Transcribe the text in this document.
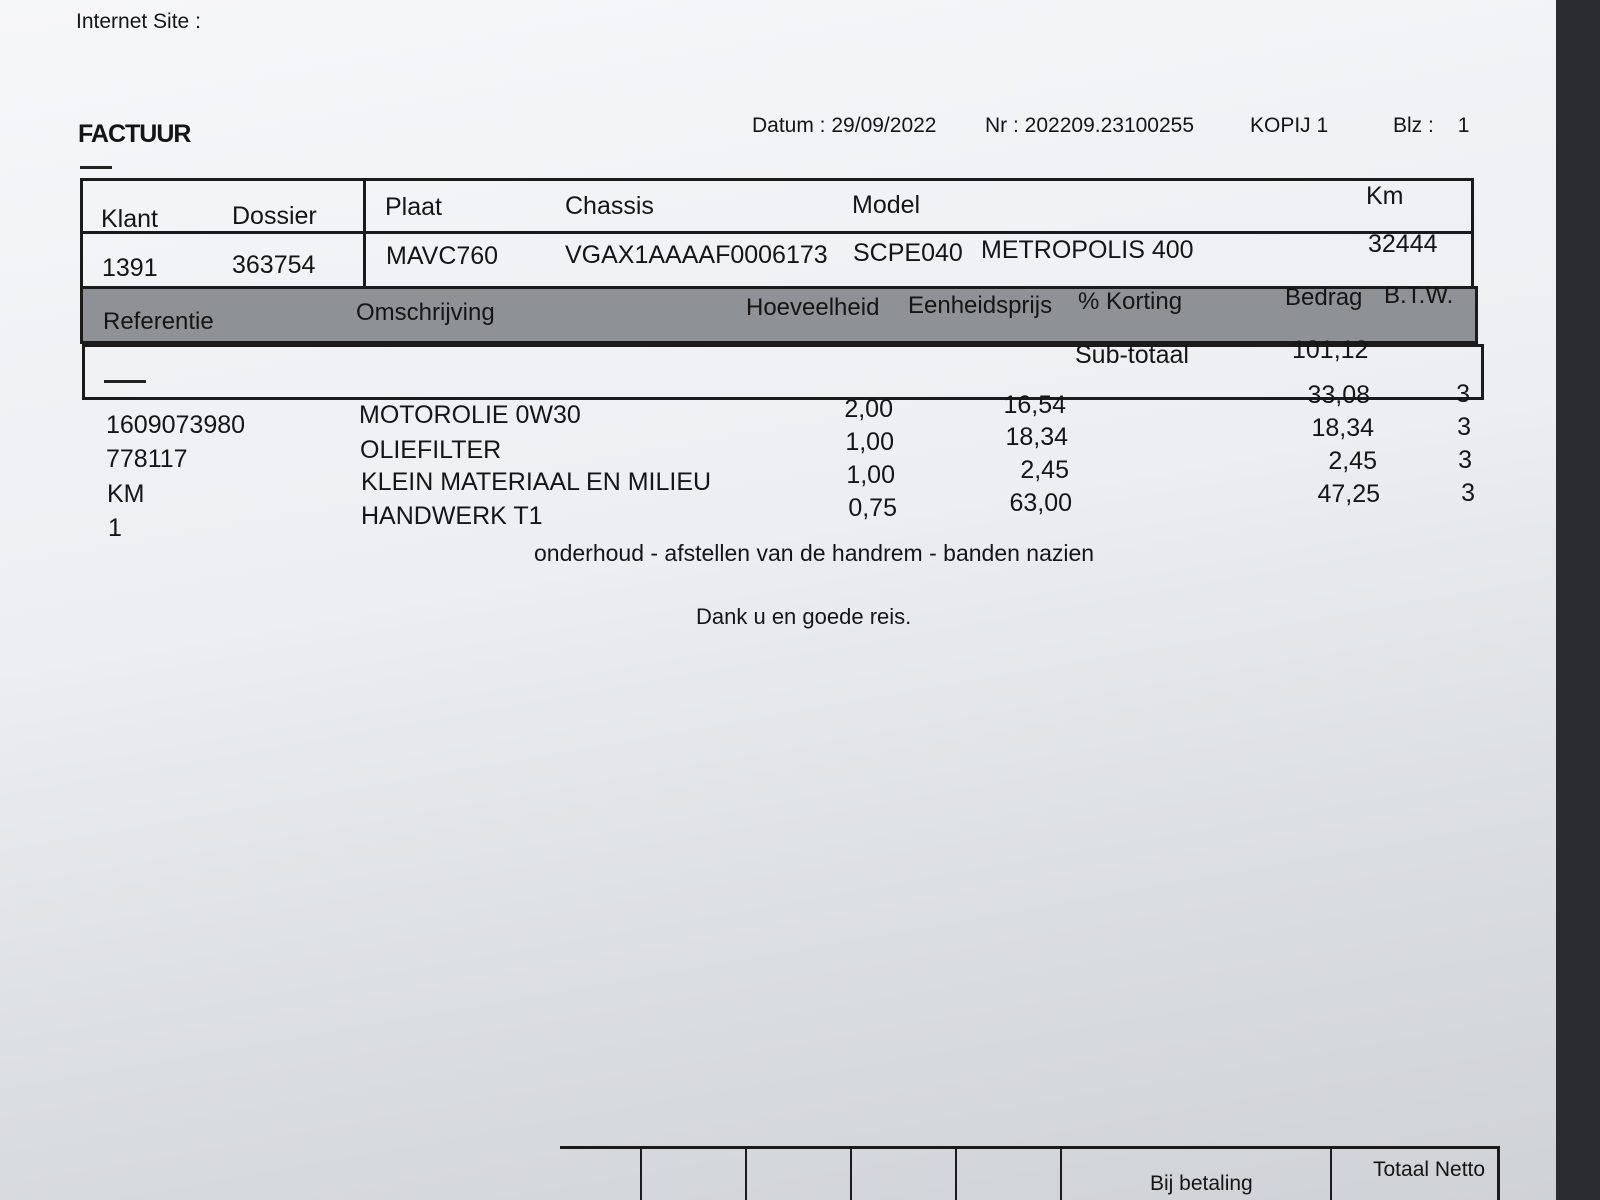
Internet Site :
FACTUUR	Datum : 29/09/2022 Nr : 202209.23100255	KOPIJ 1	Blz : 1
Klant	Dossier	Plaat	Chassis	Model	Km
1391	363754	MAVC760	VGAX1AAAAF0006173 SCPE040 METROPOLIS 400	32444
Referentie	Omschrijving	Hoeveelheid Eenheidsprijs % Korting	Bedrag B.T.W.
Sub-totaal	101,12
1609073980	MOTOROLIE 0W30	2,00	16,54	33,08	3
778117	OLIEFILTER	1,00	18,34	18,34	3
KM	KLEIN MATERIAAL EN MILIEU	1,00	2,45	2,45	3
1	HANDWERK T1	0,75	63,00	47,25	3
onderhoud - afstellen van de handrem - banden nazien
Dank u en goede reis.
Bij betaling
Totaal Netto
